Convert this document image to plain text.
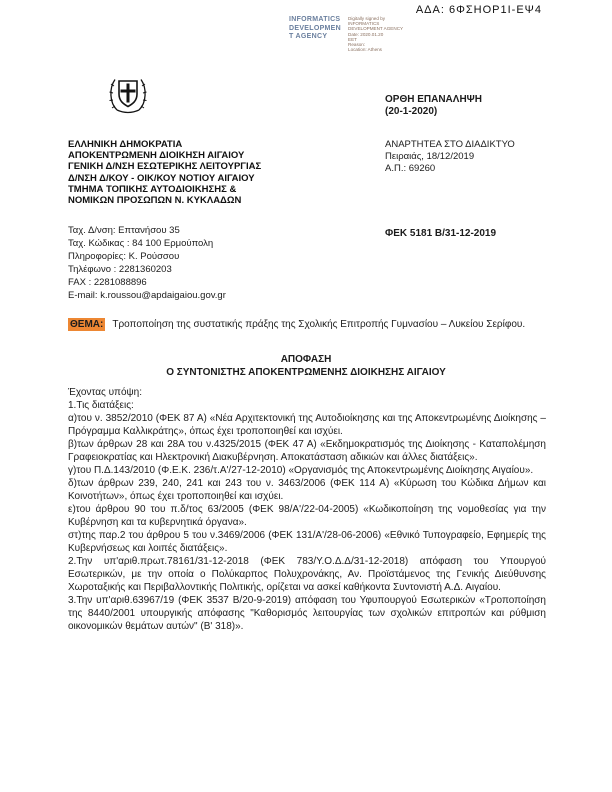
ΑΔΑ: 6ΦΣΗΟΡ1Ι-ΕΨ4
INFORMATICS
DEVELOPMEN
T AGENCY
Digitally signed by
INFORMATICS
DEVELOPMENT AGENCY
Date: 2020.01.20
EET
Reason:
Location: Athens
ΕΛΛΗΝΙΚΗ ΔΗΜΟΚΡΑΤΙΑ
ΑΠΟΚΕΝΤΡΩΜΕΝΗ ΔΙΟΙΚΗΣΗ ΑΙΓΑΙΟΥ
ΓΕΝΙΚΗ Δ/ΝΣΗ ΕΣΩΤΕΡΙΚΗΣ ΛΕΙΤΟΥΡΓΙΑΣ
Δ/ΝΣΗ Δ/ΚΟΥ - ΟΙΚ/ΚΟΥ ΝΟΤΙΟΥ ΑΙΓΑΙΟΥ
ΤΜΗΜΑ ΤΟΠΙΚΗΣ ΑΥΤΟΔΙΟΙΚΗΣΗΣ &
ΝΟΜΙΚΩΝ ΠΡΟΣΩΠΩΝ Ν. ΚΥΚΛΑΔΩΝ
ΟΡΘΗ ΕΠΑΝΑΛΗΨΗ
(20-1-2020)
ΑΝΑΡΤΗΤΕΑ ΣΤΟ ΔΙΑΔΙΚΤΥΟ
Πειραιάς, 18/12/2019
Α.Π.: 69260
Ταχ. Δ/νση: Επτανήσου 35
Ταχ. Κώδικας : 84 100 Ερμούπολη
Πληροφορίες: Κ. Ρούσσου
Τηλέφωνο : 2281360203
FAX : 2281088896
E-mail: k.roussou@apdaigaiou.gov.gr
ΦΕΚ 5181 Β/31-12-2019

ΘΕΜΑ: Τροποποίηση της συστατικής πράξης της Σχολικής Επιτροπής Γυμνασίου – Λυκείου Σερίφου.

ΑΠΟΦΑΣΗ
Ο ΣΥΝΤΟΝΙΣΤΗΣ ΑΠΟΚΕΝΤΡΩΜΕΝΗΣ ΔΙΟΙΚΗΣΗΣ ΑΙΓΑΙΟΥ

Έχοντας υπόψη:

1.Τις διατάξεις:

α)του ν. 3852/2010 (ΦΕΚ 87 Α) «Νέα Αρχιτεκτονική της Αυτοδιοίκησης και της Αποκεντρωμένης Διοίκησης – Πρόγραμμα Καλλικράτης», όπως έχει τροποποιηθεί και ισχύει.

β)των άρθρων 28 και 28Α του ν.4325/2015 (ΦΕΚ 47 Α) «Εκδημοκρατισμός της Διοίκησης - Καταπολέμηση Γραφειοκρατίας και Ηλεκτρονική Διακυβέρνηση. Αποκατάσταση αδικιών και άλλες διατάξεις».

γ)του Π.Δ.143/2010 (Φ.Ε.Κ. 236/τ.Α'/27-12-2010) «Οργανισμός της Αποκεντρωμένης Διοίκησης Αιγαίου».

δ)των άρθρων 239, 240, 241 και 243 του ν. 3463/2006 (ΦΕΚ 114 Α) «Κύρωση του Κώδικα Δήμων και Κοινοτήτων», όπως έχει τροποποιηθεί και ισχύει.

ε)του άρθρου 90 του π.δ/τος 63/2005 (ΦΕΚ 98/Α'/22-04-2005) «Κωδικοποίηση της νομοθεσίας για την Κυβέρνηση και τα κυβερνητικά όργανα».

στ)της παρ.2 του άρθρου 5 του ν.3469/2006 (ΦΕΚ 131/Α'/28-06-2006) «Εθνικό Τυπογραφείο, Εφημερίς της Κυβερνήσεως και λοιπές διατάξεις».

2.Την υπ'αριθ.πρωτ.78161/31-12-2018 (ΦΕΚ 783/Υ.Ο.Δ.Δ/31-12-2018) απόφαση του Υπουργού Εσωτερικών, με την οποία ο Πολύκαρπος Πολυχρονάκης, Αν. Προϊστάμενος της Γενικής Διεύθυνσης Χωροταξικής και Περιβαλλοντικής Πολιτικής, ορίζεται να ασκεί καθήκοντα Συντονιστή Α.Δ. Αιγαίου.

3.Την υπ'αριθ.63967/19 (ΦΕΚ 3537 Β/20-9-2019) απόφαση του Υφυπουργού Εσωτερικών «Τροποποίηση της 8440/2001 υπουργικής απόφασης "Καθορισμός λειτουργίας των σχολικών επιτροπών και ρύθμιση οικονομικών θεμάτων αυτών" (Β' 318)».
